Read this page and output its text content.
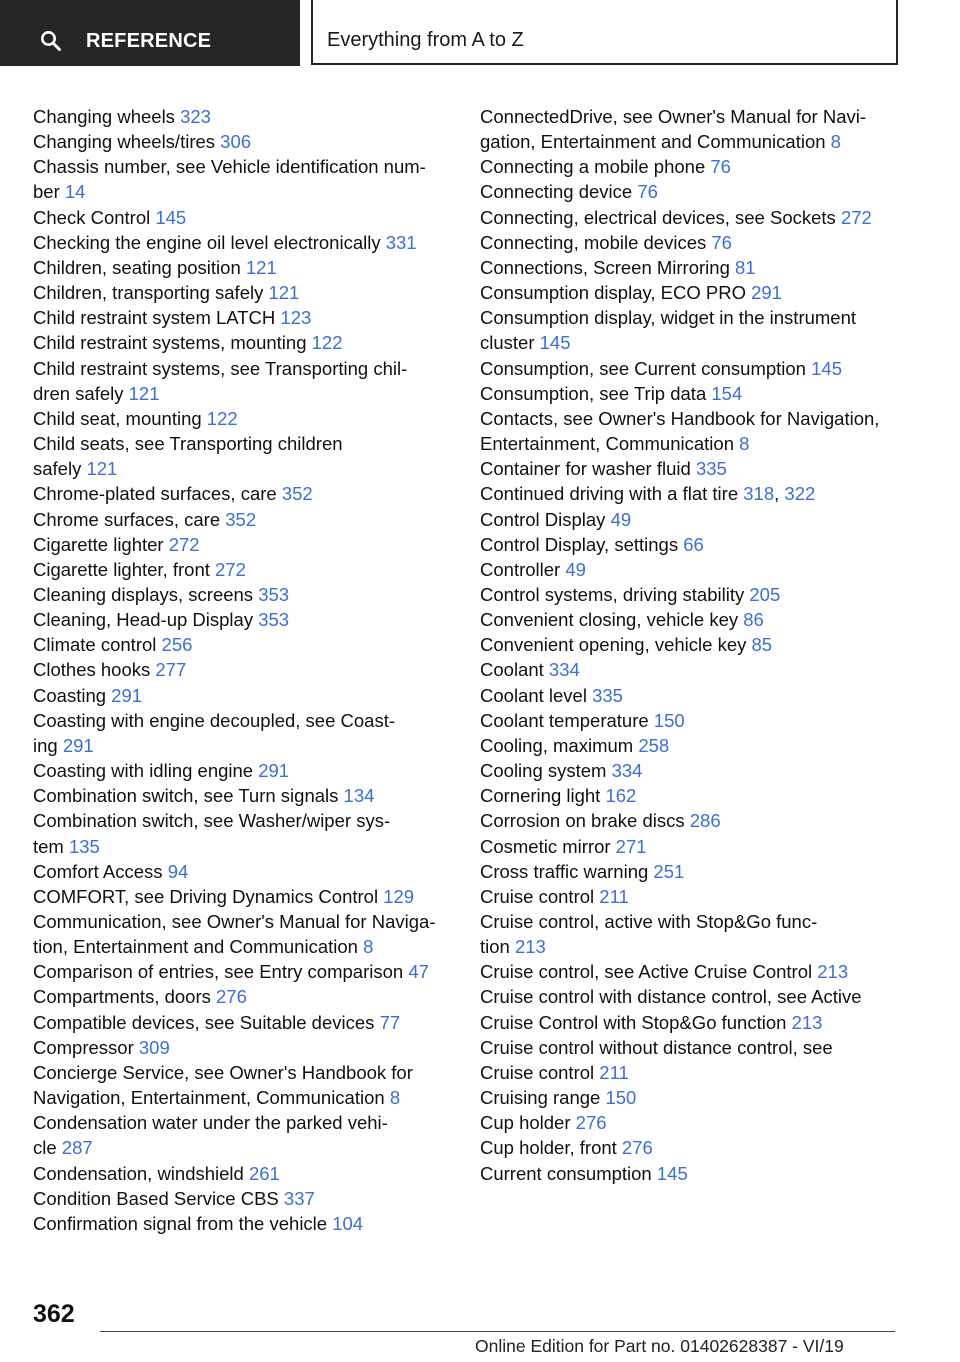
REFERENCE	Everything from A to Z
Changing wheels 323
Changing wheels/tires 306
Chassis number, see Vehicle identification num-
ber 14
Check Control 145
Checking the engine oil level electronically 331
Children, seating position 121
Children, transporting safely 121
Child restraint system LATCH 123
Child restraint systems, mounting 122
Child restraint systems, see Transporting chil-
dren safely 121
Child seat, mounting 122
Child seats, see Transporting children
safely 121
Chrome-plated surfaces, care 352
Chrome surfaces, care 352
Cigarette lighter 272
Cigarette lighter, front 272
Cleaning displays, screens 353
Cleaning, Head-up Display 353
Climate control 256
Clothes hooks 277
Coasting 291
Coasting with engine decoupled, see Coast-
ing 291
Coasting with idling engine 291
Combination switch, see Turn signals 134
Combination switch, see Washer/wiper sys-
tem 135
Comfort Access 94
COMFORT, see Driving Dynamics Control 129
Communication, see Owner's Manual for Naviga-
tion, Entertainment and Communication 8
Comparison of entries, see Entry comparison 47
Compartments, doors 276
Compatible devices, see Suitable devices 77
Compressor 309
Concierge Service, see Owner's Handbook for
Navigation, Entertainment, Communication 8
Condensation water under the parked vehi-
cle 287
Condensation, windshield 261
Condition Based Service CBS 337
Confirmation signal from the vehicle 104
ConnectedDrive, see Owner's Manual for Navi-
gation, Entertainment and Communication 8
Connecting a mobile phone 76
Connecting device 76
Connecting, electrical devices, see Sockets 272
Connecting, mobile devices 76
Connections, Screen Mirroring 81
Consumption display, ECO PRO 291
Consumption display, widget in the instrument
cluster 145
Consumption, see Current consumption 145
Consumption, see Trip data 154
Contacts, see Owner's Handbook for Navigation,
Entertainment, Communication 8
Container for washer fluid 335
Continued driving with a flat tire 318, 322
Control Display 49
Control Display, settings 66
Controller 49
Control systems, driving stability 205
Convenient closing, vehicle key 86
Convenient opening, vehicle key 85
Coolant 334
Coolant level 335
Coolant temperature 150
Cooling, maximum 258
Cooling system 334
Cornering light 162
Corrosion on brake discs 286
Cosmetic mirror 271
Cross traffic warning 251
Cruise control 211
Cruise control, active with Stop&Go func-
tion 213
Cruise control, see Active Cruise Control 213
Cruise control with distance control, see Active
Cruise Control with Stop&Go function 213
Cruise control without distance control, see
Cruise control 211
Cruising range 150
Cup holder 276
Cup holder, front 276
Current consumption 145
362
Online Edition for Part no. 01402628387 - VI/19
